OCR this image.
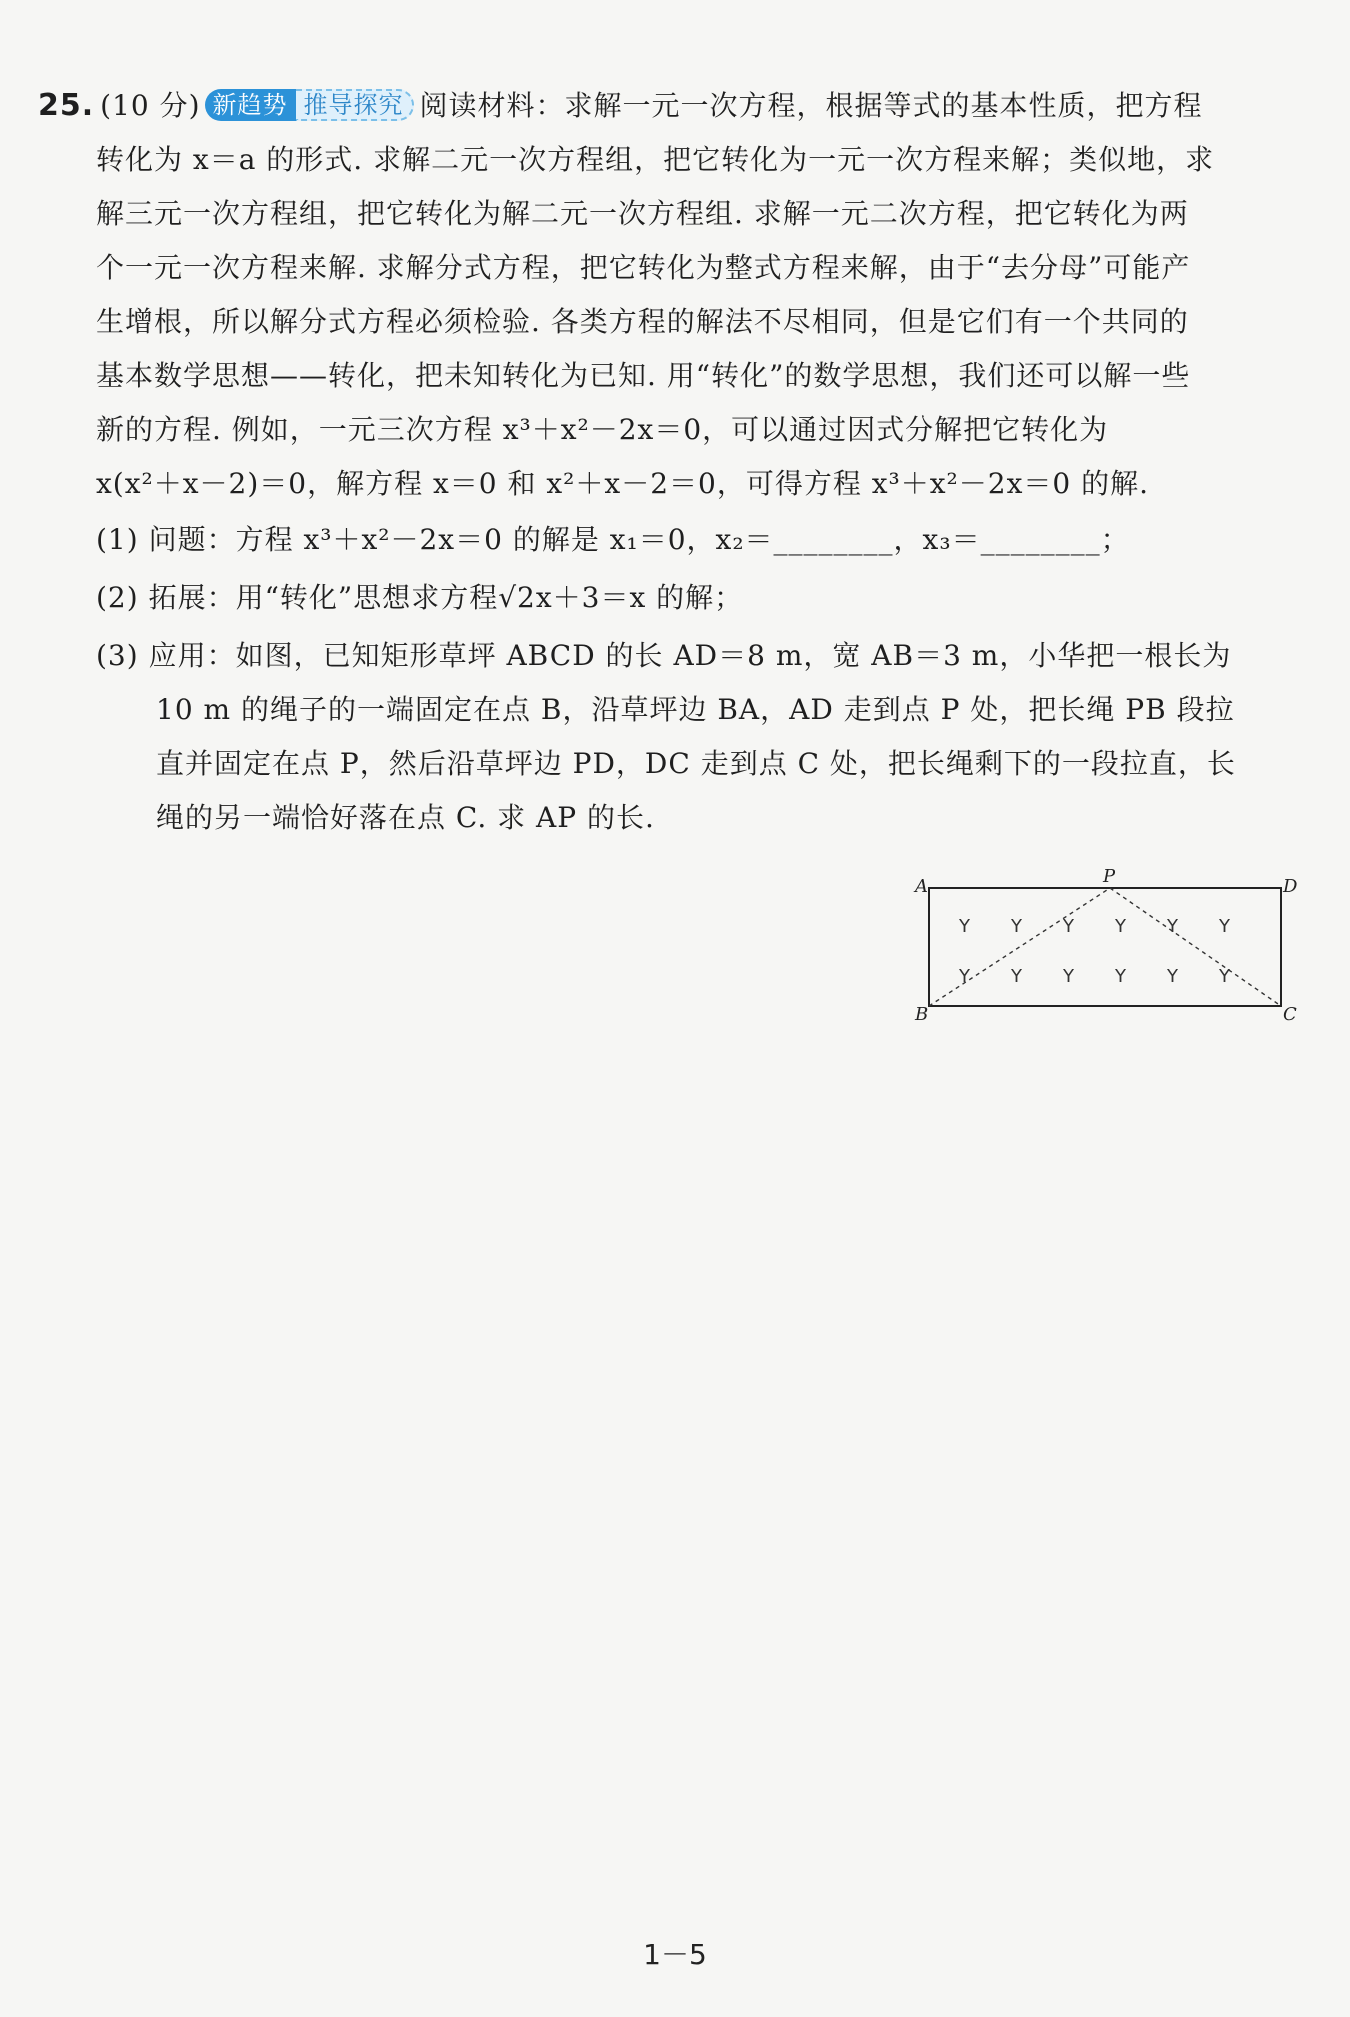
25. (10 分) 新趋势 推导探究 阅读材料：求解一元一次方程，根据等式的基本性质，把方程
转化为 x＝a 的形式. 求解二元一次方程组，把它转化为一元一次方程来解；类似地，求
解三元一次方程组，把它转化为解二元一次方程组. 求解一元二次方程，把它转化为两
个一元一次方程来解. 求解分式方程，把它转化为整式方程来解，由于“去分母”可能产
生增根，所以解分式方程必须检验. 各类方程的解法不尽相同，但是它们有一个共同的
基本数学思想——转化，把未知转化为已知. 用“转化”的数学思想，我们还可以解一些
新的方程. 例如，一元三次方程 x³＋x²－2x＝0，可以通过因式分解把它转化为
x(x²＋x－2)＝0，解方程 x＝0 和 x²＋x－2＝0，可得方程 x³＋x²－2x＝0 的解.
(1) 问题：方程 x³＋x²－2x＝0 的解是 x₁＝0，x₂＝________，x₃＝________；
(2) 拓展：用“转化”思想求方程√2x＋3＝x 的解；
(3) 应用：如图，已知矩形草坪 ABCD 的长 AD＝8 m，宽 AB＝3 m，小华把一根长为
10 m 的绳子的一端固定在点 B，沿草坪边 BA，AD 走到点 P 处，把长绳 PB 段拉
直并固定在点 P，然后沿草坪边 PD，DC 走到点 C 处，把长绳剩下的一段拉直，长
绳的另一端恰好落在点 C. 求 AP 的长.
A	P	D
B	C
Y Y Y Y Y Y
Y Y Y Y Y Y
1－5
